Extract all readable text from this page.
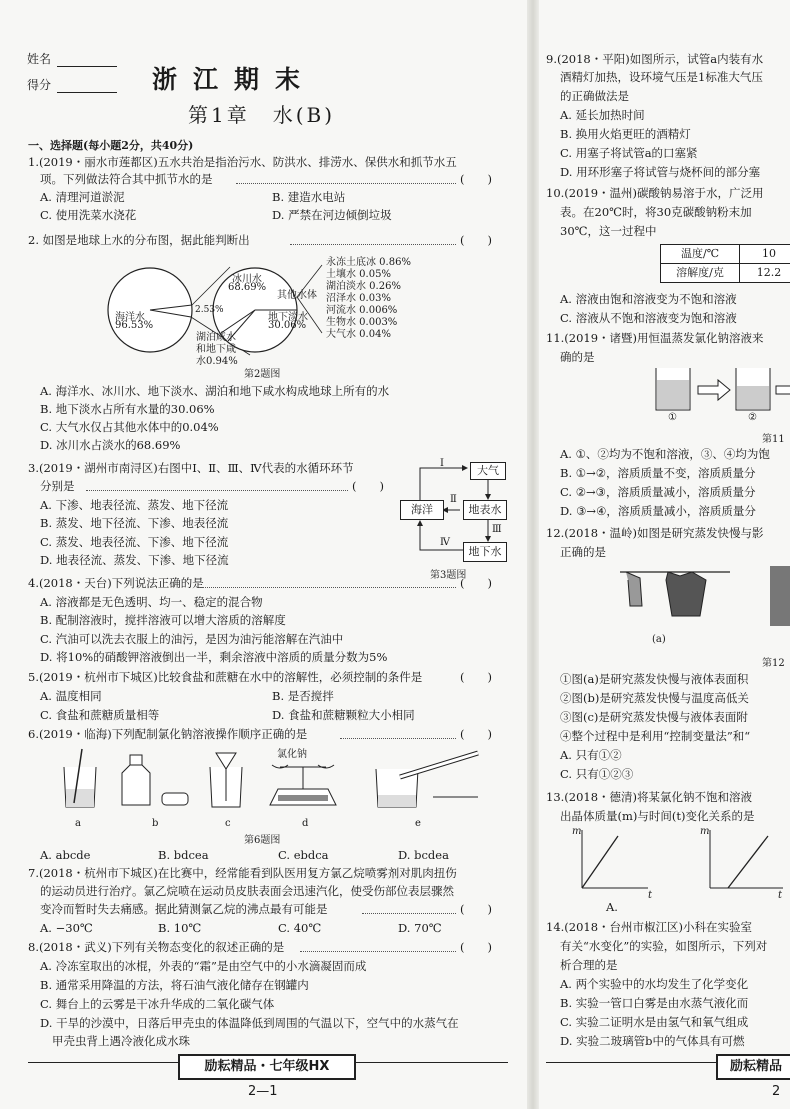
姓名
得分	浙江期末
第1章　水(B)
一、选择题(每小题2分，共40分)
1.(2019・丽水市莲都区)五水共治是指治污水、防洪水、排涝水、保供水和抓节水五
项。下列做法符合其中抓节水的是	(　　)
A. 清理河道淤泥	B. 建造水电站
C. 使用洗菜水浇花	D. 严禁在河边倾倒垃圾
2. 如图是地球上水的分布图，据此能判断出	(　　)
海洋水
96.53%
2.53%
冰川水
68.69%
其他水体
地下淡水
30.06%
湖泊咸水
和地下咸
水0.94%
永冻土底冰 0.86%
土壤水 0.05%
湖泊淡水 0.26%
沼泽水 0.03%
河流水 0.006%
生物水 0.003%
大气水 0.04%
第2题图
A. 海洋水、冰川水、地下淡水、湖泊和地下咸水构成地球上所有的水
B. 地下淡水占所有水量的30.06%
C. 大气水仅占其他水体中的0.04%
D. 冰川水占淡水的68.69%
3.(2019・湖州市南浔区)右图中Ⅰ、Ⅱ、Ⅲ、Ⅳ代表的水循环环节
分别是	(　　)
A. 下渗、地表径流、蒸发、地下径流
B. 蒸发、地下径流、下渗、地表径流
C. 蒸发、地表径流、下渗、地下径流
D. 地表径流、蒸发、下渗、地下径流
大气
地表水
海洋
地下水
Ⅰ
Ⅱ
Ⅲ
Ⅳ
第3题图
4.(2018・天台)下列说法正确的是	(　　)
A. 溶液都是无色透明、均一、稳定的混合物
B. 配制溶液时，搅拌溶液可以增大溶质的溶解度
C. 汽油可以洗去衣服上的油污，是因为油污能溶解在汽油中
D. 将10%的硝酸钾溶液倒出一半，剩余溶液中溶质的质量分数为5%
5.(2019・杭州市下城区)比较食盐和蔗糖在水中的溶解性，必须控制的条件是	(　　)
A. 温度相同	B. 是否搅拌
C. 食盐和蔗糖质量相等	D. 食盐和蔗糖颗粒大小相同
6.(2019・临海)下列配制氯化钠溶液操作顺序正确的是	(　　)
氯化钠
a	b	c	d	e
第6题图
A. abcde	B. bdcea	C. ebdca	D. bcdea
7.(2018・杭州市下城区)在比赛中，经常能看到队医用复方氯乙烷喷雾剂对肌肉扭伤
的运动员进行治疗。氯乙烷喷在运动员皮肤表面会迅速汽化，使受伤部位表层骤然
变冷而暂时失去痛感。据此猜测氯乙烷的沸点最有可能是	(　　)
A. −30℃	B. 10℃	C. 40℃	D. 70℃
8.(2018・武义)下列有关物态变化的叙述正确的是	(　　)
A. 冷冻室取出的冰棍，外表的“霜”是由空气中的小水滴凝固而成
B. 通常采用降温的方法，将石油气液化储存在钢罐内
C. 舞台上的云雾是干冰升华成的二氧化碳气体
D. 干旱的沙漠中，日落后甲壳虫的体温降低到周围的气温以下，空气中的水蒸气在
甲壳虫背上遇冷液化成水珠
励耘精品・七年级HX
2—1
9.(2018・平阳)如图所示，试管a内装有水
酒精灯加热，设环境气压是1标准大气压
的正确做法是
A. 延长加热时间
B. 换用火焰更旺的酒精灯
C. 用塞子将试管a的口塞紧
D. 用环形塞子将试管与烧杯间的部分塞
10.(2019・温州)碳酸钠易溶于水，广泛用
表。在20℃时，将30克碳酸钠粉末加
30℃，这一过程中
温度/℃	10
溶解度/克	12.2
A. 溶液由饱和溶液变为不饱和溶液
C. 溶液从不饱和溶液变为饱和溶液
11.(2019・诸暨)用恒温蒸发氯化钠溶液来
确的是
①	②
第11
A. ①、②均为不饱和溶液，③、④均为饱
B. ①→②，溶质质量不变，溶质质量分
C. ②→③，溶质质量减小，溶质质量分
D. ③→④，溶质质量减小，溶质质量分
12.(2018・温岭)如图是研究蒸发快慢与影
正确的是
(a)
第12
①图(a)是研究蒸发快慢与液体表面积
②图(b)是研究蒸发快慢与温度高低关
③图(c)是研究蒸发快慢与液体表面附
④整个过程中是利用“控制变量法”和“
A. 只有①②
C. 只有①②③
13.(2018・德清)将某氯化钠不饱和溶液
出晶体质量(m)与时间(t)变化关系的是
m
t
m
t
A.
14.(2018・台州市椒江区)小科在实验室
有关“水变化”的实验，如图所示，下列对
析合理的是
A. 两个实验中的水均发生了化学变化
B. 实验一管口白雾是由水蒸气液化而
C. 实验二证明水是由氢气和氧气组成
D. 实验二玻璃管b中的气体具有可燃
励耘精品
2
